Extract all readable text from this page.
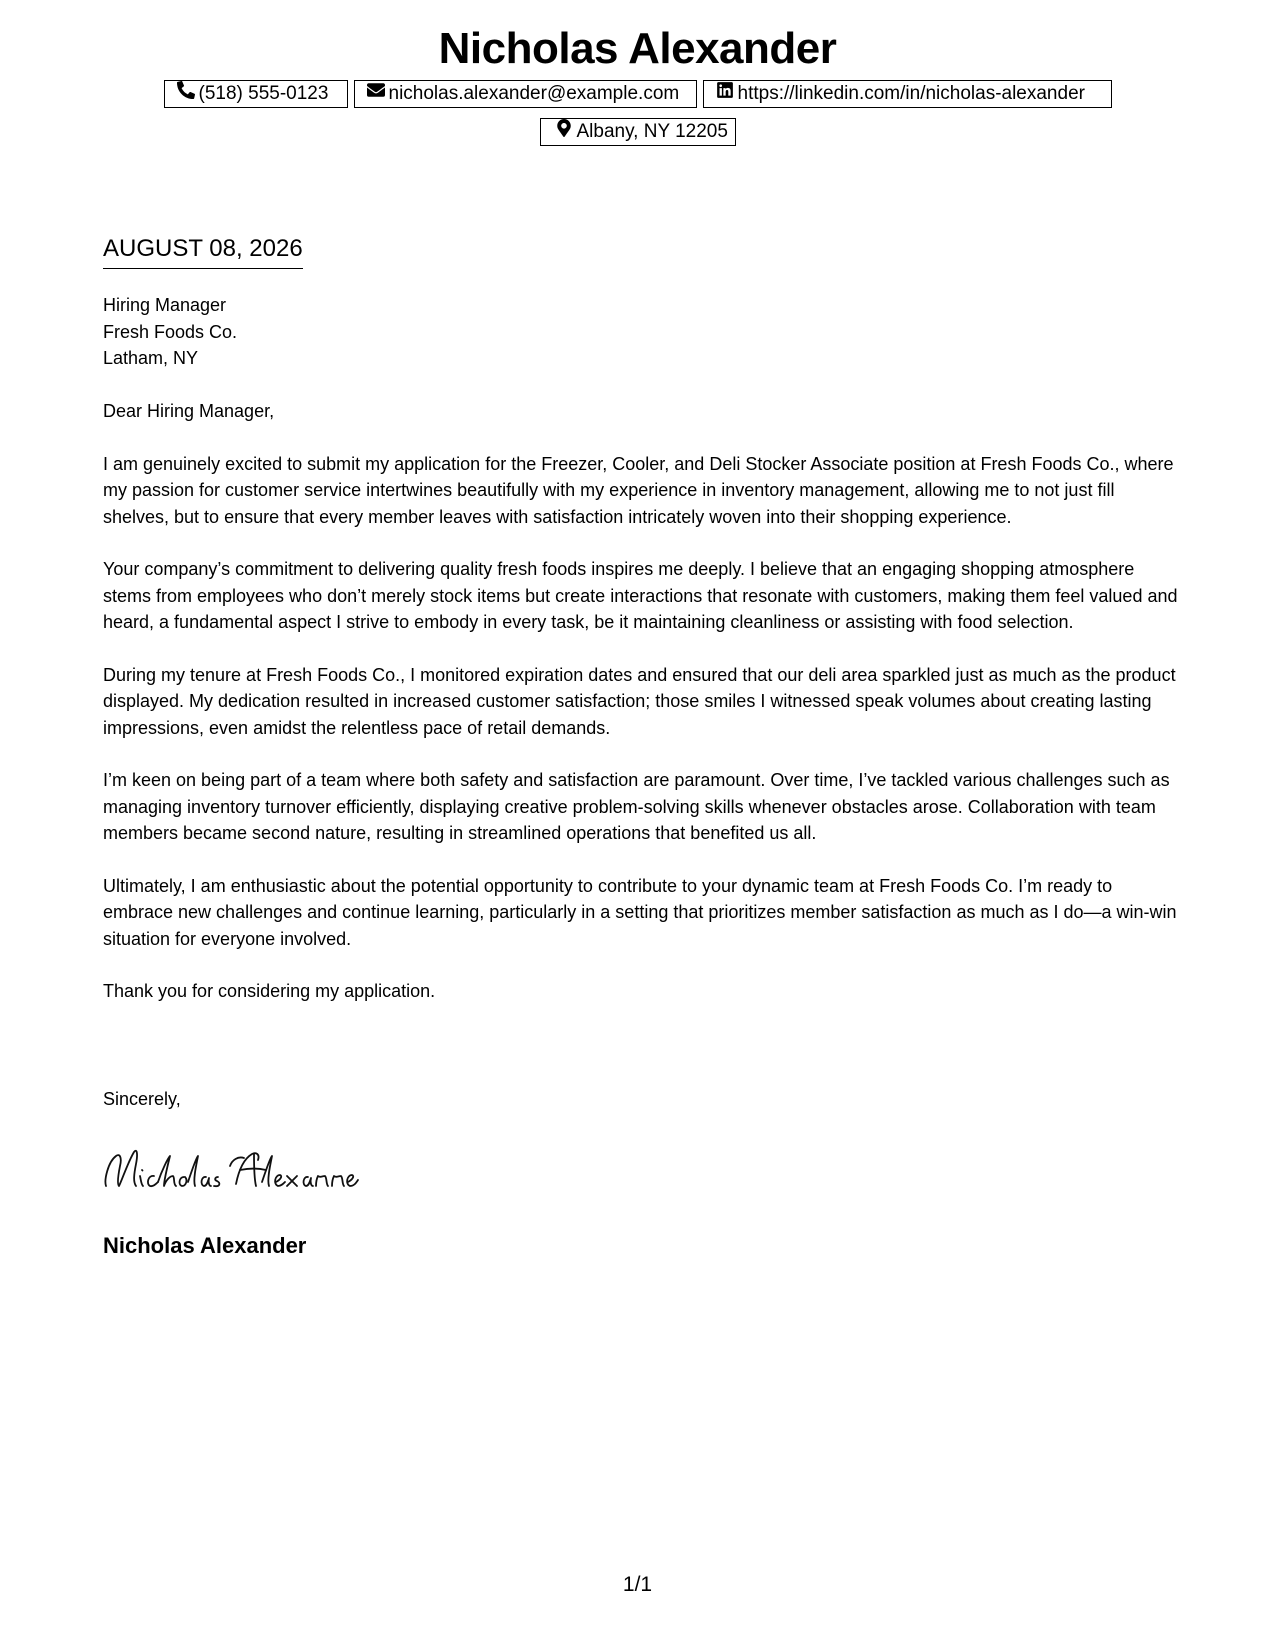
Nicholas Alexander
(518) 555-0123	nicholas.alexander@example.com	https://linkedin.com/in/nicholas-alexander
Albany, NY 12205
AUGUST 08, 2026
Hiring Manager
Fresh Foods Co.
Latham, NY

Dear Hiring Manager,

I am genuinely excited to submit my application for the Freezer, Cooler, and Deli Stocker Associate position at Fresh Foods Co., where my passion for customer service intertwines beautifully with my experience in inventory management, allowing me to not just fill shelves, but to ensure that every member leaves with satisfaction intricately woven into their shopping experience.

Your company’s commitment to delivering quality fresh foods inspires me deeply. I believe that an engaging shopping atmosphere stems from employees who don’t merely stock items but create interactions that resonate with customers, making them feel valued and heard, a fundamental aspect I strive to embody in every task, be it maintaining cleanliness or assisting with food selection.

During my tenure at Fresh Foods Co., I monitored expiration dates and ensured that our deli area sparkled just as much as the product displayed. My dedication resulted in increased customer satisfaction; those smiles I witnessed speak volumes about creating lasting impressions, even amidst the relentless pace of retail demands.

I’m keen on being part of a team where both safety and satisfaction are paramount. Over time, I’ve tackled various challenges such as managing inventory turnover efficiently, displaying creative problem-solving skills whenever obstacles arose. Collaboration with team members became second nature, resulting in streamlined operations that benefited us all.

Ultimately, I am enthusiastic about the potential opportunity to contribute to your dynamic team at Fresh Foods Co. I’m ready to embrace new challenges and continue learning, particularly in a setting that prioritizes member satisfaction as much as I do—a win-win situation for everyone involved.

Thank you for considering my application.

Sincerely,
Nicholas Alexander
1/1
